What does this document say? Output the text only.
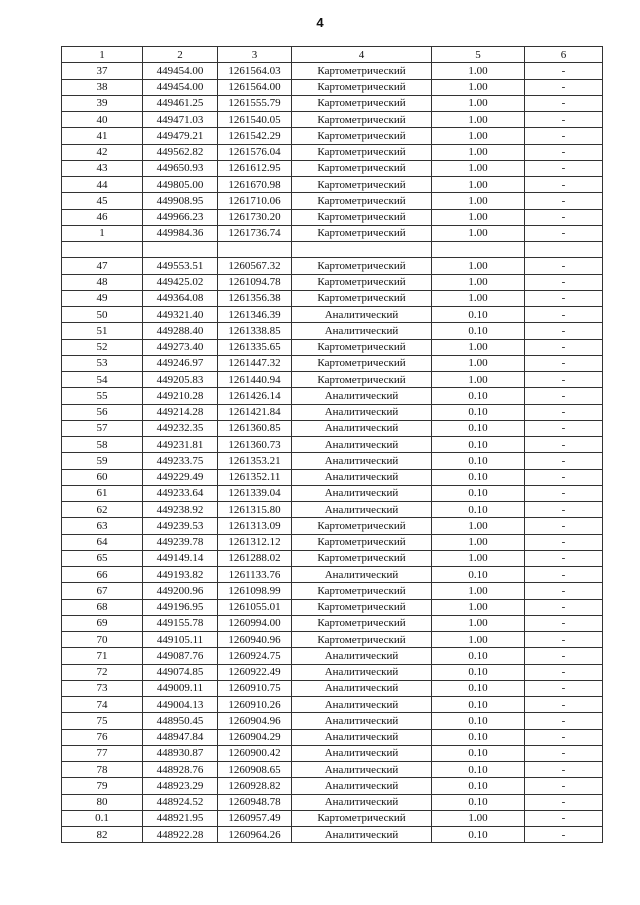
4
1	2	3	4	5	6
37	449454.00	1261564.03	Картометрический	1.00	-
38	449454.00	1261564.00	Картометрический	1.00	-
39	449461.25	1261555.79	Картометрический	1.00	-
40	449471.03	1261540.05	Картометрический	1.00	-
41	449479.21	1261542.29	Картометрический	1.00	-
42	449562.82	1261576.04	Картометрический	1.00	-
43	449650.93	1261612.95	Картометрический	1.00	-
44	449805.00	1261670.98	Картометрический	1.00	-
45	449908.95	1261710.06	Картометрический	1.00	-
46	449966.23	1261730.20	Картометрический	1.00	-
1	449984.36	1261736.74	Картометрический	1.00	-

47	449553.51	1260567.32	Картометрический	1.00	-
48	449425.02	1261094.78	Картометрический	1.00	-
49	449364.08	1261356.38	Картометрический	1.00	-
50	449321.40	1261346.39	Аналитический	0.10	-
51	449288.40	1261338.85	Аналитический	0.10	-
52	449273.40	1261335.65	Картометрический	1.00	-
53	449246.97	1261447.32	Картометрический	1.00	-
54	449205.83	1261440.94	Картометрический	1.00	-
55	449210.28	1261426.14	Аналитический	0.10	-
56	449214.28	1261421.84	Аналитический	0.10	-
57	449232.35	1261360.85	Аналитический	0.10	-
58	449231.81	1261360.73	Аналитический	0.10	-
59	449233.75	1261353.21	Аналитический	0.10	-
60	449229.49	1261352.11	Аналитический	0.10	-
61	449233.64	1261339.04	Аналитический	0.10	-
62	449238.92	1261315.80	Аналитический	0.10	-
63	449239.53	1261313.09	Картометрический	1.00	-
64	449239.78	1261312.12	Картометрический	1.00	-
65	449149.14	1261288.02	Картометрический	1.00	-
66	449193.82	1261133.76	Аналитический	0.10	-
67	449200.96	1261098.99	Картометрический	1.00	-
68	449196.95	1261055.01	Картометрический	1.00	-
69	449155.78	1260994.00	Картометрический	1.00	-
70	449105.11	1260940.96	Картометрический	1.00	-
71	449087.76	1260924.75	Аналитический	0.10	-
72	449074.85	1260922.49	Аналитический	0.10	-
73	449009.11	1260910.75	Аналитический	0.10	-
74	449004.13	1260910.26	Аналитический	0.10	-
75	448950.45	1260904.96	Аналитический	0.10	-
76	448947.84	1260904.29	Аналитический	0.10	-
77	448930.87	1260900.42	Аналитический	0.10	-
78	448928.76	1260908.65	Аналитический	0.10	-
79	448923.29	1260928.82	Аналитический	0.10	-
80	448924.52	1260948.78	Аналитический	0.10	-
0.1	448921.95	1260957.49	Картометрический	1.00	-
82	448922.28	1260964.26	Аналитический	0.10	-
